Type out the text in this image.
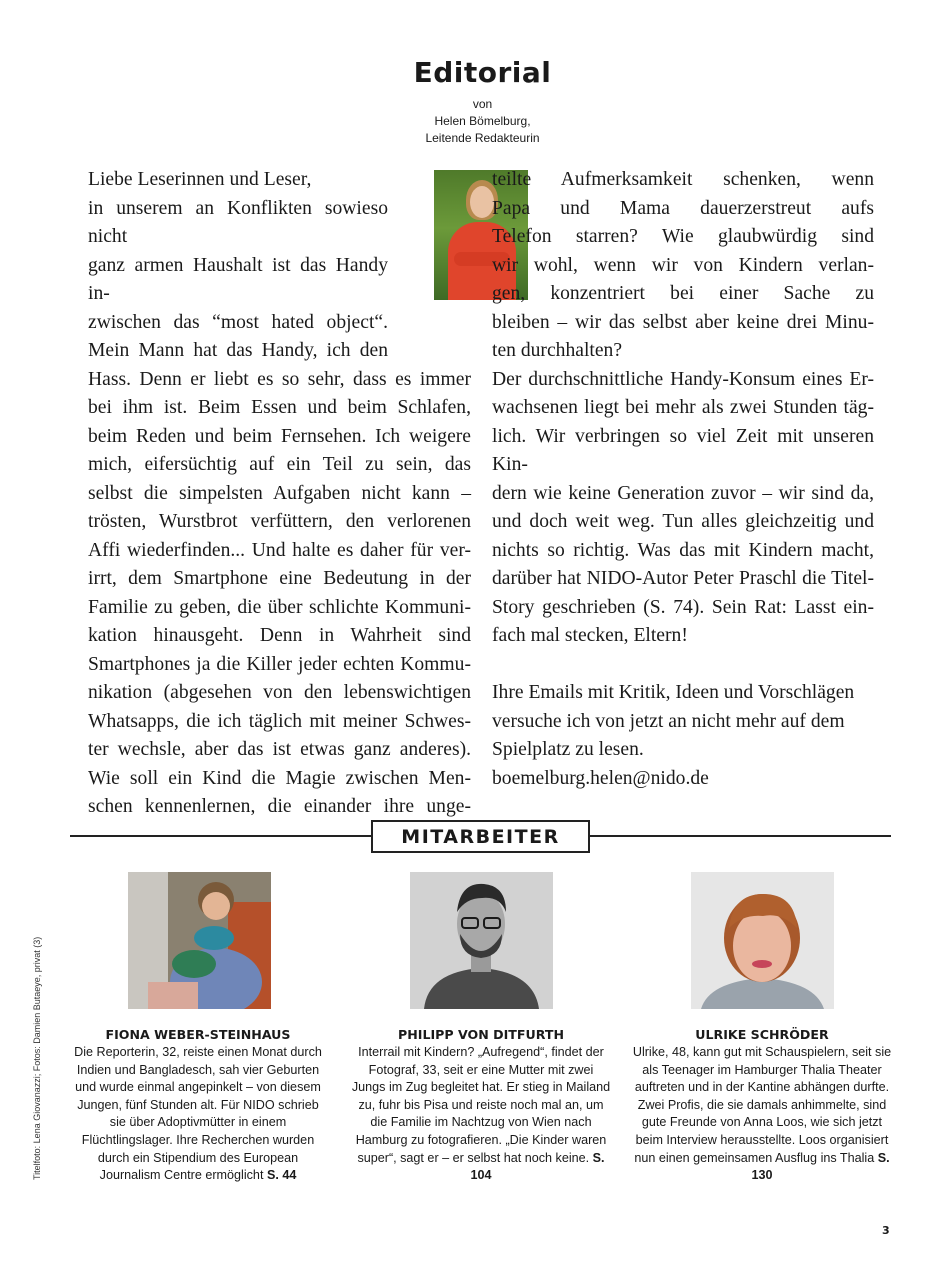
Editorial
von
Helen Bömelburg,
Leitende Redakteurin

Liebe Leserinnen und Leser,

in unserem an Konflikten sowieso nicht

ganz armen Haushalt ist das Handy in-

zwischen das “most hated object“.

Mein Mann hat das Handy, ich den

Hass. Denn er liebt es so sehr, dass es immer

bei ihm ist. Beim Essen und beim Schlafen,

beim Reden und beim Fernsehen. Ich weigere

mich, eifersüchtig auf ein Teil zu sein, das

selbst die simpelsten Aufgaben nicht kann –

trösten, Wurstbrot verfüttern, den verlorenen

Affi wiederfinden... Und halte es daher für ver-

irrt, dem Smartphone eine Bedeutung in der

Familie zu geben, die über schlichte Kommuni-

kation hinausgeht. Denn in Wahrheit sind

Smartphones ja die Killer jeder echten Kommu-

nikation (abgesehen von den lebenswichtigen

Whatsapps, die ich täglich mit meiner Schwes-

ter wechsle, aber das ist etwas ganz anderes).

Wie soll ein Kind die Magie zwischen Men-

schen kennenlernen, die einander ihre unge-

teilte Aufmerksamkeit schenken, wenn

Papa und Mama dauerzerstreut aufs

Telefon starren? Wie glaubwürdig sind

wir wohl, wenn wir von Kindern verlan-

gen, konzentriert bei einer Sache zu

bleiben – wir das selbst aber keine drei Minu-

ten durchhalten?

Der durchschnittliche Handy-Konsum eines Er-

wachsenen liegt bei mehr als zwei Stunden täg-

lich. Wir verbringen so viel Zeit mit unseren Kin-

dern wie keine Generation zuvor – wir sind da,

und doch weit weg. Tun alles gleichzeitig und

nichts so richtig. Was das mit Kindern macht,

darüber hat NIDO-Autor Peter Praschl die Titel-

Story geschrieben (S. 74). Sein Rat: Lasst ein-

fach mal stecken, Eltern!

Ihre Emails mit Kritik, Ideen und Vorschlägen

versuche ich von jetzt an nicht mehr auf dem

Spielplatz zu lesen.

boemelburg.helen@nido.de

MITARBEITER
FIONA WEBER-STEINHAUS
Die Reporterin, 32, reiste einen Monat durch Indien und Bangladesch, sah vier Geburten und wurde einmal angepinkelt – von diesem Jungen, fünf Stunden alt. Für NIDO schrieb sie über Adoptivmütter in einem Flüchtlingslager. Ihre Recherchen wurden durch ein Stipendium des European Journalism Centre ermöglicht S. 44
PHILIPP VON DITFURTH
Interrail mit Kindern? „Aufregend“, findet der Fotograf, 33, seit er eine Mutter mit zwei Jungs im Zug begleitet hat. Er stieg in Mailand zu, fuhr bis Pisa und reiste noch mal an, um die Familie im Nachtzug von Wien nach Hamburg zu fotografieren. „Die Kinder waren super“, sagt er – er selbst hat noch keine. S. 104
ULRIKE SCHRÖDER
Ulrike, 48, kann gut mit Schauspielern, seit sie als Teenager im Hamburger Thalia Theater auftreten und in der Kantine abhängen durfte. Zwei Profis, die sie damals anhimmelte, sind gute Freunde von Anna Loos, wie sich jetzt beim Interview herausstellte. Loos organisiert nun einen gemeinsamen Ausflug ins Thalia S. 130
Titelfoto: Lena Giovanazzi; Fotos: Damien Butaeye, privat (3)
3
